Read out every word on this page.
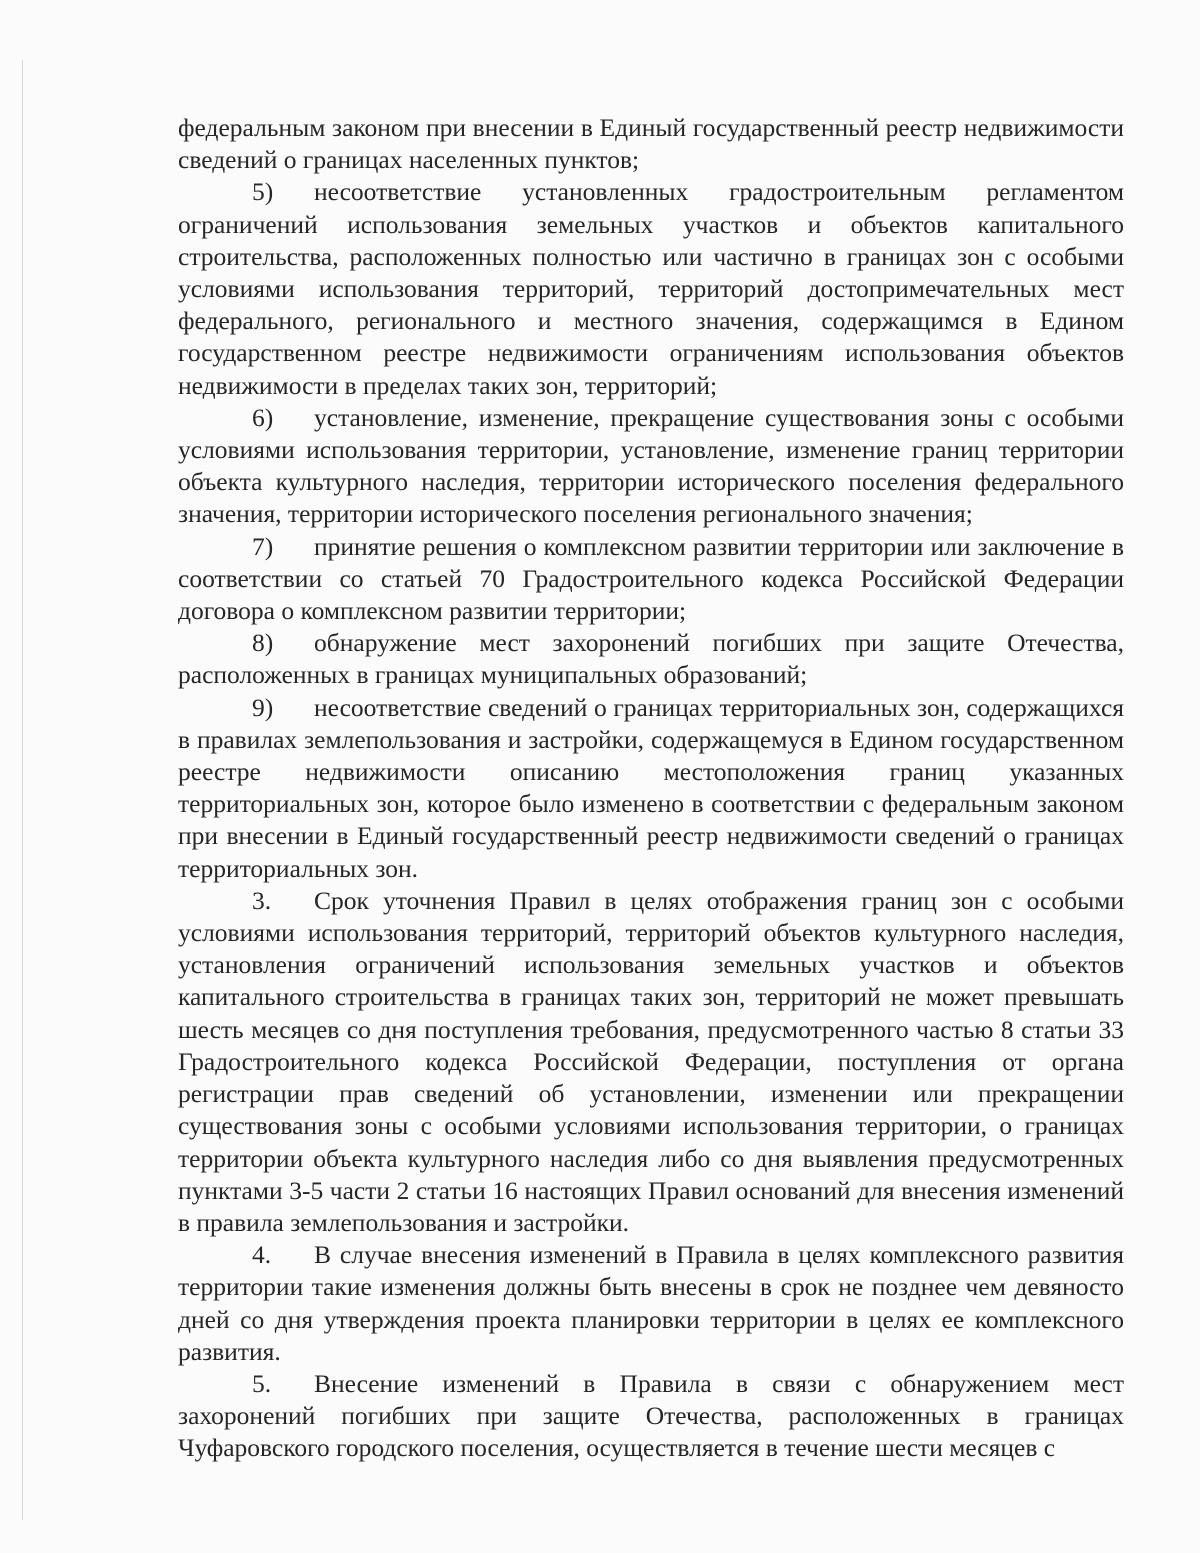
федеральным законом при внесении в Единый государственный реестр недвижимости сведений о границах населенных пунктов;

5) несоответствие установленных градостроительным регламентом ограничений использования земельных участков и объектов капитального строительства, расположенных полностью или частично в границах зон с особыми условиями использования территорий, территорий достопримечательных мест федерального, регионального и местного значения, содержащимся в Едином государственном реестре недвижимости ограничениям использования объектов недвижимости в пределах таких зон, территорий;

6) установление, изменение, прекращение существования зоны с особыми условиями использования территории, установление, изменение границ территории объекта культурного наследия, территории исторического поселения федерального значения, территории исторического поселения регионального значения;

7) принятие решения о комплексном развитии территории или заключение в соответствии со статьей 70 Градостроительного кодекса Российской Федерации договора о комплексном развитии территории;

8) обнаружение мест захоронений погибших при защите Отечества, расположенных в границах муниципальных образований;

9) несоответствие сведений о границах территориальных зон, содержащихся в правилах землепользования и застройки, содержащемуся в Едином государственном реестре недвижимости описанию местоположения границ указанных территориальных зон, которое было изменено в соответствии с федеральным законом при внесении в Единый государственный реестр недвижимости сведений о границах территориальных зон.

3. Срок уточнения Правил в целях отображения границ зон с особыми условиями использования территорий, территорий объектов культурного наследия, установления ограничений использования земельных участков и объектов капитального строительства в границах таких зон, территорий не может превышать шесть месяцев со дня поступления требования, предусмотренного частью 8 статьи 33 Градостроительного кодекса Российской Федерации, поступления от органа регистрации прав сведений об установлении, изменении или прекращении существования зоны с особыми условиями использования территории, о границах территории объекта культурного наследия либо со дня выявления предусмотренных пунктами 3-5 части 2 статьи 16 настоящих Правил оснований для внесения изменений в правила землепользования и застройки.

4. В случае внесения изменений в Правила в целях комплексного развития территории такие изменения должны быть внесены в срок не позднее чем девяносто дней со дня утверждения проекта планировки территории в целях ее комплексного развития.

5. Внесение изменений в Правила в связи с обнаружением мест захоронений погибших при защите Отечества, расположенных в границах Чуфаровского городского поселения, осуществляется в течение шести месяцев с
